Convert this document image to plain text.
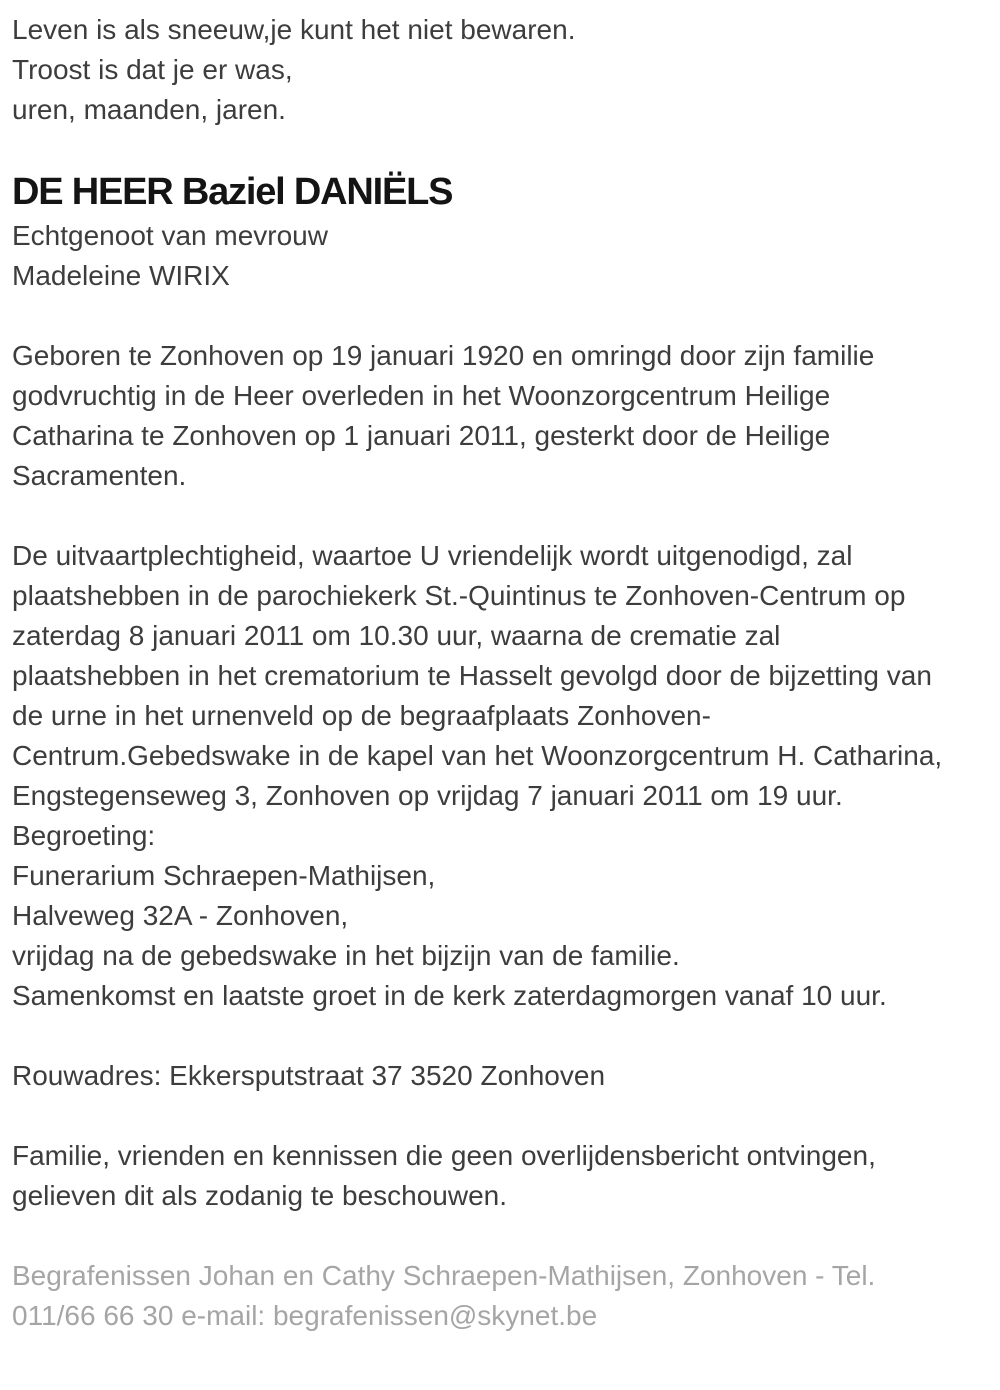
Leven is als sneeuw,je kunt het niet bewaren.
Troost is dat je er was,
uren, maanden, jaren.
DE HEER Baziel DANIËLS
Echtgenoot van mevrouw
Madeleine WIRIX

Geboren te Zonhoven op 19 januari 1920 en omringd door zijn familie godvruchtig in de Heer overleden in het Woonzorgcentrum Heilige Catharina te Zonhoven op 1 januari 2011, gesterkt door de Heilige Sacramenten.

De uitvaartplechtigheid, waartoe U vriendelijk wordt uitgenodigd, zal plaatshebben in de parochiekerk St.-Quintinus te Zonhoven-Centrum op zaterdag 8 januari 2011 om 10.30 uur, waarna de crematie zal plaatshebben in het crematorium te Hasselt gevolgd door de bijzetting van de urne in het urnenveld op de begraafplaats Zonhoven-Centrum.Gebedswake in de kapel van het Woonzorgcentrum H. Catharina, Engstegenseweg 3, Zonhoven op vrijdag 7 januari 2011 om 19 uur.

Begroeting:
Funerarium Schraepen-Mathijsen,
Halveweg 32A - Zonhoven,
vrijdag na de gebedswake in het bijzijn van de familie.
Samenkomst en laatste groet in de kerk zaterdagmorgen vanaf 10 uur.

Rouwadres: Ekkersputstraat 37 3520 Zonhoven

Familie, vrienden en kennissen die geen overlijdensbericht ontvingen, gelieven dit als zodanig te beschouwen.

Begrafenissen Johan en Cathy Schraepen-Mathijsen, Zonhoven - Tel. 011/66 66 30 e-mail: begrafenissen@skynet.be
